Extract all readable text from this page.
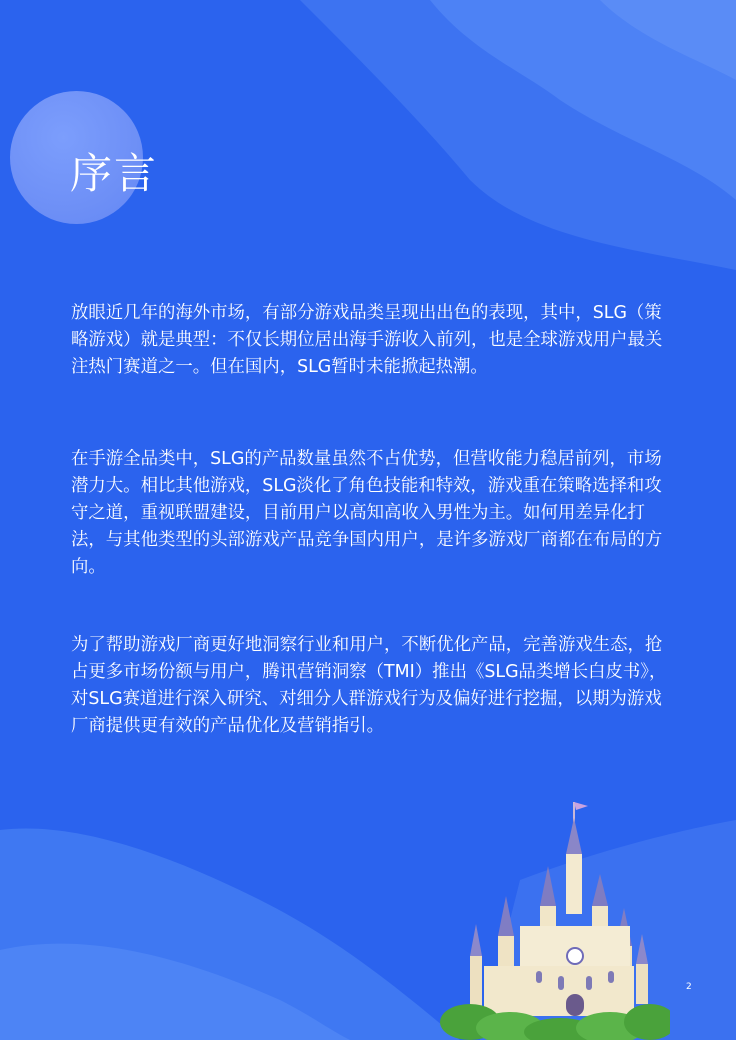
序言

放眼近几年的海外市场，有部分游戏品类呈现出出色的表现，其中，SLG（策略游戏）就是典型：不仅长期位居出海手游收入前列，也是全球游戏用户最关注热门赛道之一。但在国内，SLG暂时未能掀起热潮。

在手游全品类中，SLG的产品数量虽然不占优势，但营收能力稳居前列，市场潜力大。相比其他游戏，SLG淡化了角色技能和特效，游戏重在策略选择和攻守之道，重视联盟建设，目前用户以高知高收入男性为主。如何用差异化打法，与其他类型的头部游戏产品竞争国内用户，是许多游戏厂商都在布局的方向。

为了帮助游戏厂商更好地洞察行业和用户，不断优化产品，完善游戏生态，抢占更多市场份额与用户，腾讯营销洞察（TMI）推出《SLG品类增长白皮书》，对SLG赛道进行深入研究、对细分人群游戏行为及偏好进行挖掘，以期为游戏厂商提供更有效的产品优化及营销指引。

2
